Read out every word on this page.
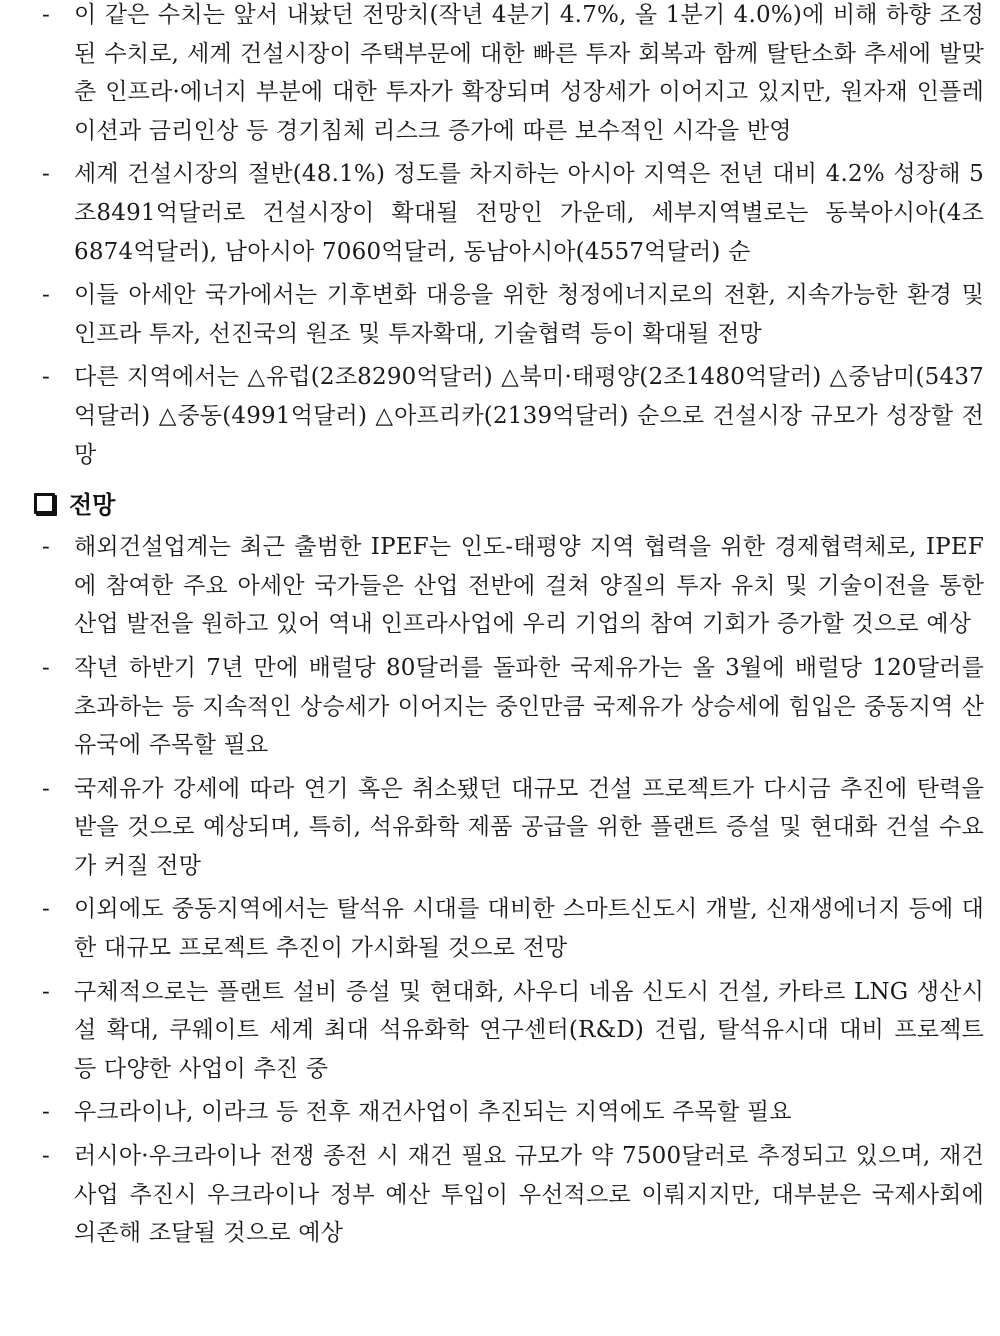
- 이 같은 수치는 앞서 내놨던 전망치(작년 4분기 4.7%, 올 1분기 4.0%)에 비해 하향 조정된 수치로, 세계 건설시장이 주택부문에 대한 빠른 투자 회복과 함께 탈탄소화 추세에 발맞춘 인프라·에너지 부분에 대한 투자가 확장되며 성장세가 이어지고 있지만, 원자재 인플레이션과 금리인상 등 경기침체 리스크 증가에 따른 보수적인 시각을 반영

- 세계 건설시장의 절반(48.1%) 정도를 차지하는 아시아 지역은 전년 대비 4.2% 성장해 5조8491억달러로 건설시장이 확대될 전망인 가운데, 세부지역별로는 동북아시아(4조6874억달러), 남아시아 7060억달러, 동남아시아(4557억달러) 순

- 이들 아세안 국가에서는 기후변화 대응을 위한 청정에너지로의 전환, 지속가능한 환경 및 인프라 투자, 선진국의 원조 및 투자확대, 기술협력 등이 확대될 전망

- 다른 지역에서는 △유럽(2조8290억달러) △북미·태평양(2조1480억달러) △중남미(5437억달러) △중동(4991억달러) △아프리카(2139억달러) 순으로 건설시장 규모가 성장할 전망

전망

- 해외건설업계는 최근 출범한 IPEF는 인도-태평양 지역 협력을 위한 경제협력체로, IPEF에 참여한 주요 아세안 국가들은 산업 전반에 걸쳐 양질의 투자 유치 및 기술이전을 통한 산업 발전을 원하고 있어 역내 인프라사업에 우리 기업의 참여 기회가 증가할 것으로 예상

- 작년 하반기 7년 만에 배럴당 80달러를 돌파한 국제유가는 올 3월에 배럴당 120달러를 초과하는 등 지속적인 상승세가 이어지는 중인만큼 국제유가 상승세에 힘입은 중동지역 산유국에 주목할 필요

- 국제유가 강세에 따라 연기 혹은 취소됐던 대규모 건설 프로젝트가 다시금 추진에 탄력을 받을 것으로 예상되며, 특히, 석유화학 제품 공급을 위한 플랜트 증설 및 현대화 건설 수요가 커질 전망

- 이외에도 중동지역에서는 탈석유 시대를 대비한 스마트신도시 개발, 신재생에너지 등에 대한 대규모 프로젝트 추진이 가시화될 것으로 전망

- 구체적으로는 플랜트 설비 증설 및 현대화, 사우디 네옴 신도시 건설, 카타르 LNG 생산시설 확대, 쿠웨이트 세계 최대 석유화학 연구센터(R&D) 건립, 탈석유시대 대비 프로젝트 등 다양한 사업이 추진 중

- 우크라이나, 이라크 등 전후 재건사업이 추진되는 지역에도 주목할 필요

- 러시아·우크라이나 전쟁 종전 시 재건 필요 규모가 약 7500달러로 추정되고 있으며, 재건사업 추진시 우크라이나 정부 예산 투입이 우선적으로 이뤄지지만, 대부분은 국제사회에 의존해 조달될 것으로 예상
